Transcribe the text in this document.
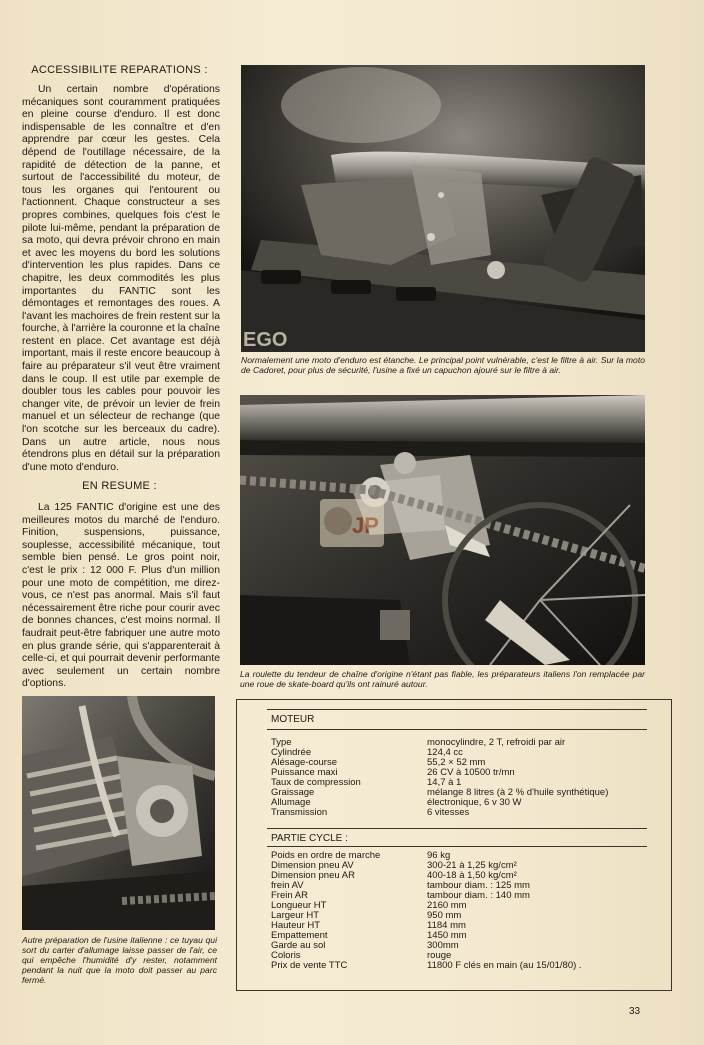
ACCESSIBILITE REPARATIONS :

Un certain nombre d'opérations mécaniques sont couramment pratiquées en pleine course d'enduro. Il est donc indispensable de les connaître et d'en apprendre par cœur les gestes. Cela dépend de l'outillage nécessaire, de la rapidité de détection de la panne, et surtout de l'accessibilité du moteur, de tous les organes qui l'entourent ou l'actionnent. Chaque constructeur a ses propres combines, quelques fois c'est le pilote lui-même, pendant la préparation de sa moto, qui devra prévoir chrono en main et avec les moyens du bord les solutions d'intervention les plus rapides. Dans ce chapitre, les deux commodités les plus importantes du FANTIC sont les démontages et remontages des roues. A l'avant les machoires de frein restent sur la fourche, à l'arrière la couronne et la chaîne restent en place. Cet avantage est déjà important, mais il reste encore beaucoup à faire au préparateur s'il veut être vraiment dans le coup. Il est utile par exemple de doubler tous les cables pour pouvoir les changer vite, de prévoir un levier de frein manuel et un sélecteur de rechange (que l'on scotche sur les berceaux du cadre). Dans un autre article, nous nous étendrons plus en détail sur la préparation d'une moto d'enduro.

EN RESUME :

La 125 FANTIC d'origine est une des meilleures motos du marché de l'enduro. Finition, suspensions, puissance, souplesse, accessibilité mécanique, tout semble bien pensé. Le gros point noir, c'est le prix : 12 000 F. Plus d'un million pour une moto de compétition, me direz-vous, ce n'est pas anormal. Mais s'il faut nécessairement être riche pour courir avec de bonnes chances, c'est moins normal. Il faudrait peut-être fabriquer une autre moto en plus grande série, qui s'apparenterait à celle-ci, et qui pourrait devenir performante avec seulement un certain nombre d'options.

EGO
Normalement une moto d'enduro est étanche. Le principal point vulnérable, c'est le filtre à air. Sur la moto de Cadoret, pour plus de sécurité, l'usine a fixé un capuchon ajouré sur le filtre à air.
JP
La roulette du tendeur de chaîne d'origine n'étant pas fiable, les préparateurs italiens l'on remplacée par une roue de skate-board qu'ils ont rainuré autour.
Autre préparation de l'usine italienne : ce tuyau qui sort du carter d'allumage laisse passer de l'air, ce qui empêche l'humidité d'y rester, notamment pendant la nuit que la moto doit passer au parc fermé.
MOTEUR
Type	monocylindre, 2 T, refroidi par air
Cylindrée	124,4 cc
Alésage-course	55,2 × 52 mm
Puissance maxi	26 CV à 10500 tr/mn
Taux de compression	14,7 à 1
Graissage	mélange 8 litres (à 2 % d'huile synthétique)
Allumage	électronique, 6 v 30 W
Transmission	6 vitesses
PARTIE CYCLE :
Poids en ordre de marche	96 kg
Dimension pneu AV	300-21 à 1,25 kg/cm²
Dimension pneu AR	400-18 à 1,50 kg/cm²
frein AV	tambour diam. : 125 mm
Frein AR	tambour diam. : 140 mm
Longueur HT	2160 mm
Largeur HT	950 mm
Hauteur HT	1184 mm
Empattement	1450 mm
Garde au sol	300mm
Coloris	rouge
Prix de vente TTC	11800 F clés en main (au 15/01/80) .
33
